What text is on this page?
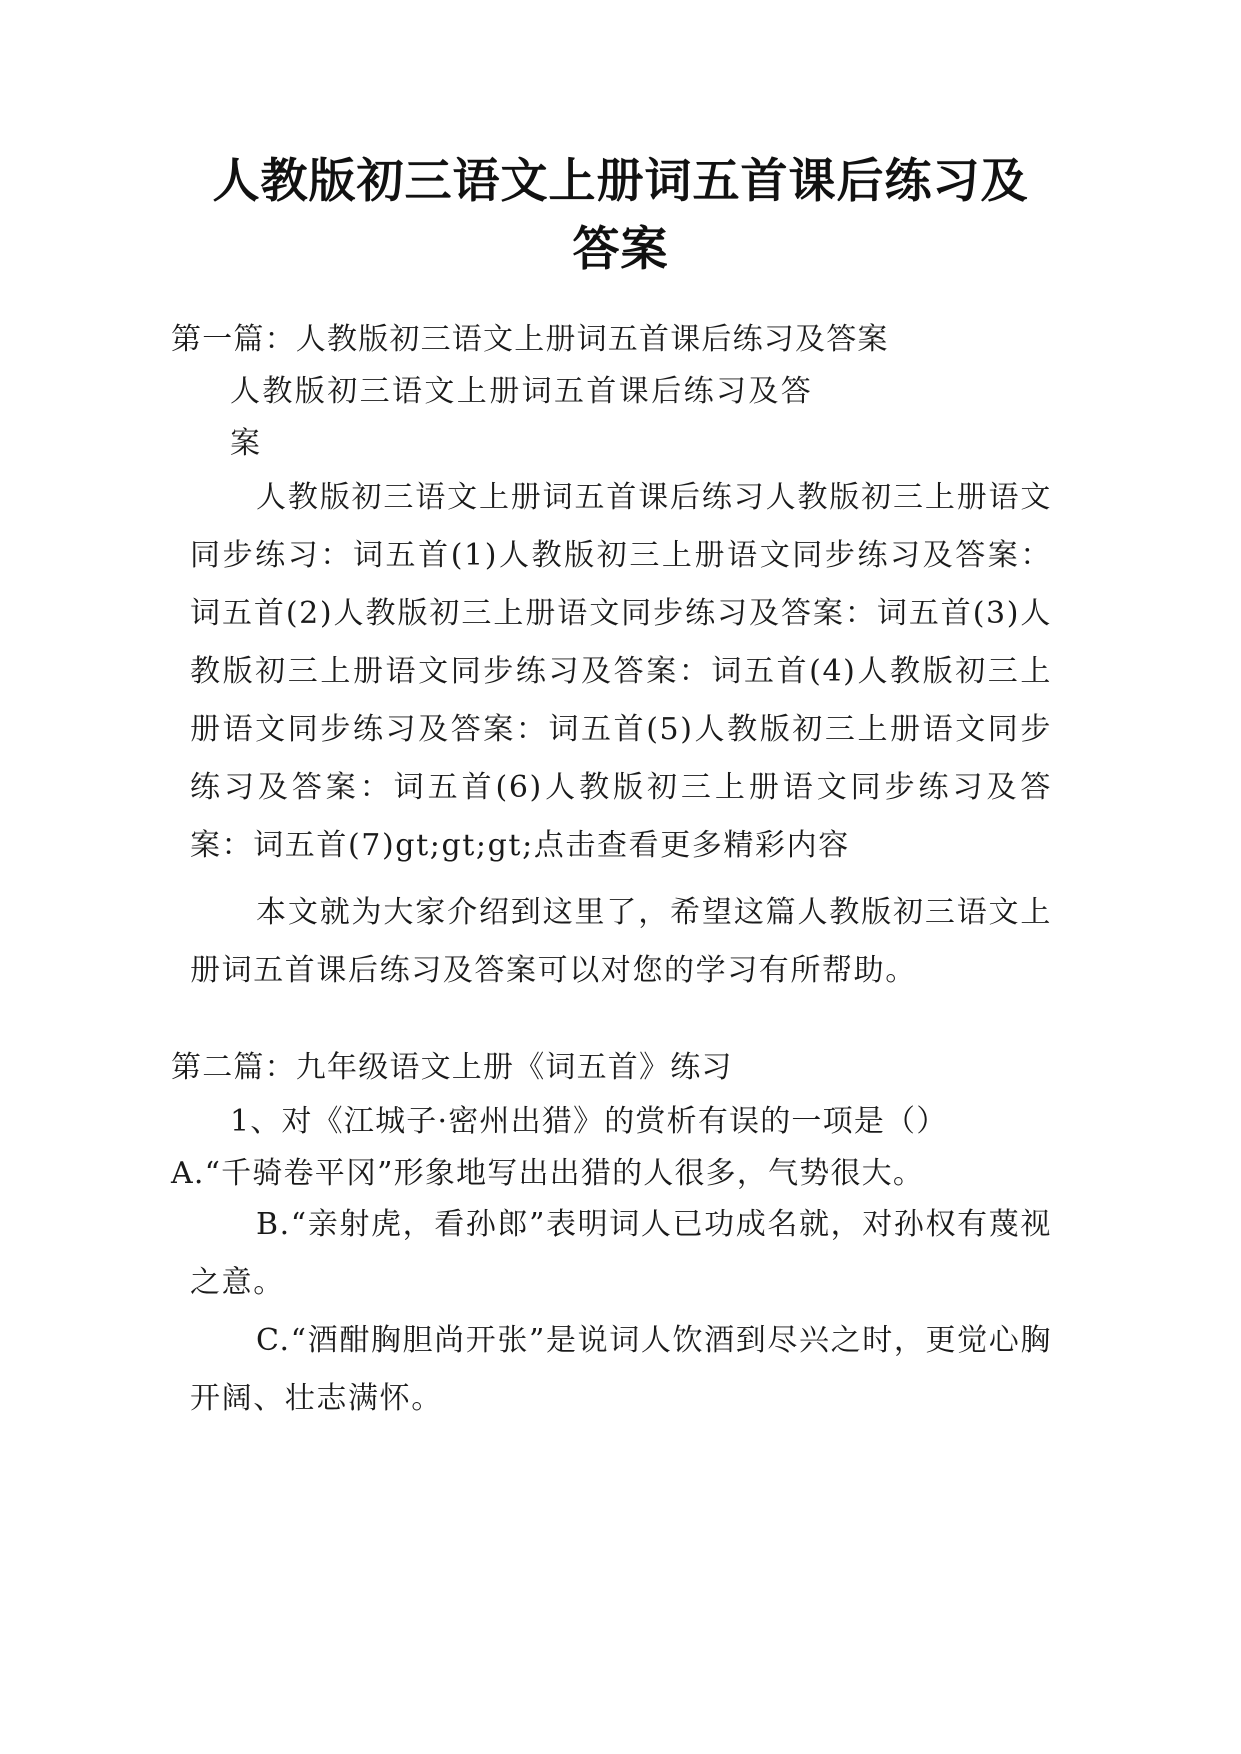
人教版初三语文上册词五首课后练习及答案
第一篇：人教版初三语文上册词五首课后练习及答案
人教版初三语文上册词五首课后练习及答
案

人教版初三语文上册词五首课后练习人教版初三上册语文同步练习：词五首(1)人教版初三上册语文同步练习及答案：词五首(2)人教版初三上册语文同步练习及答案：词五首(3)人教版初三上册语文同步练习及答案：词五首(4)人教版初三上册语文同步练习及答案：词五首(5)人教版初三上册语文同步练习及答案：词五首(6)人教版初三上册语文同步练习及答案：词五首(7)gt;gt;gt;点击查看更多精彩内容

本文就为大家介绍到这里了，希望这篇人教版初三语文上册词五首课后练习及答案可以对您的学习有所帮助。

第二篇：九年级语文上册《词五首》练习
1、对《江城子·密州出猎》的赏析有误的一项是（）
A.“千骑卷平冈”形象地写出出猎的人很多，气势很大。

B.“亲射虎，看孙郎”表明词人已功成名就，对孙权有蔑视之意。

C.“酒酣胸胆尚开张”是说词人饮酒到尽兴之时，更觉心胸开阔、壮志满怀。
